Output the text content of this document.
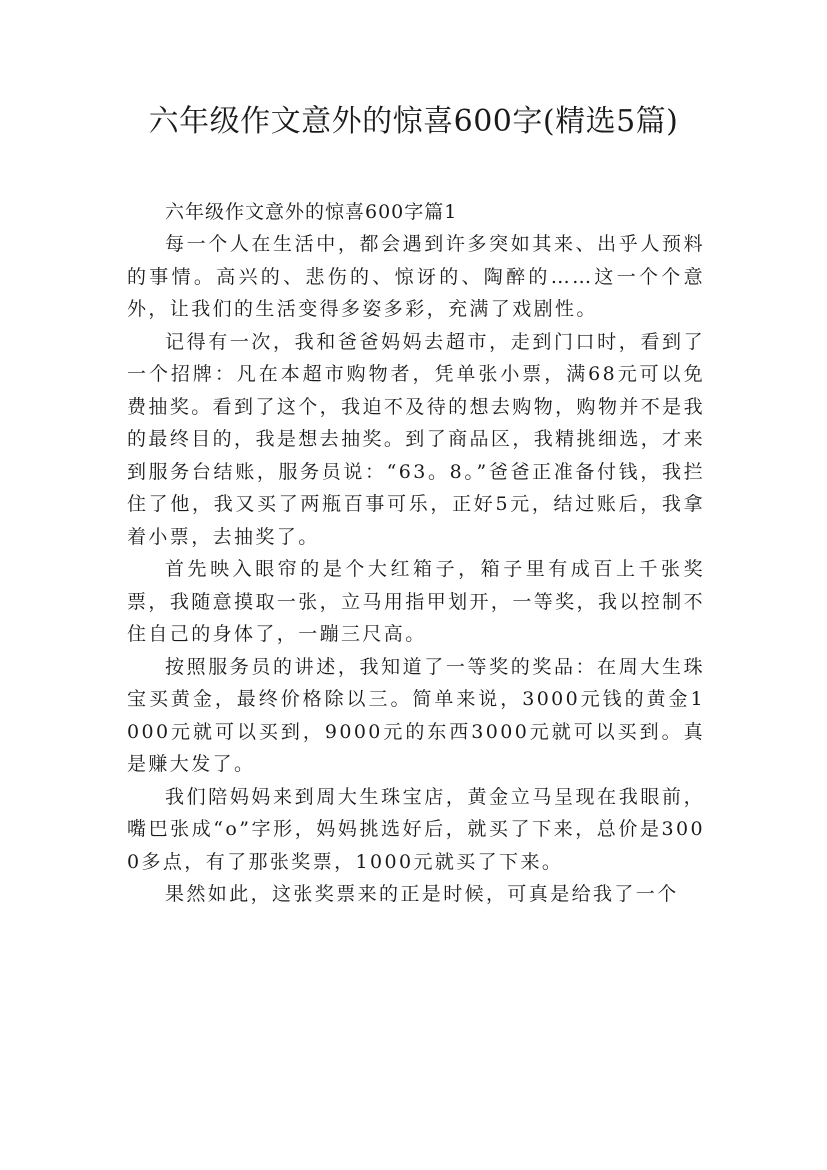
六年级作文意外的惊喜600字(精选5篇)

六年级作文意外的惊喜600字篇1

每一个人在生活中，都会遇到许多突如其来、出乎人预料的事情。高兴的、悲伤的、惊讶的、陶醉的……这一个个意外，让我们的生活变得多姿多彩，充满了戏剧性。

记得有一次，我和爸爸妈妈去超市，走到门口时，看到了一个招牌：凡在本超市购物者，凭单张小票，满68元可以免费抽奖。看到了这个，我迫不及待的想去购物，购物并不是我的最终目的，我是想去抽奖。到了商品区，我精挑细选，才来到服务台结账，服务员说：“63。8。”爸爸正准备付钱，我拦住了他，我又买了两瓶百事可乐，正好5元，结过账后，我拿着小票，去抽奖了。

首先映入眼帘的是个大红箱子，箱子里有成百上千张奖票，我随意摸取一张，立马用指甲划开，一等奖，我以控制不住自己的身体了，一蹦三尺高。

按照服务员的讲述，我知道了一等奖的奖品：在周大生珠宝买黄金，最终价格除以三。简单来说，3000元钱的黄金1000元就可以买到，9000元的东西3000元就可以买到。真是赚大发了。

我们陪妈妈来到周大生珠宝店，黄金立马呈现在我眼前，嘴巴张成“o”字形，妈妈挑选好后，就买了下来，总价是3000多点，有了那张奖票，1000元就买了下来。

果然如此，这张奖票来的正是时候，可真是给我了一个
